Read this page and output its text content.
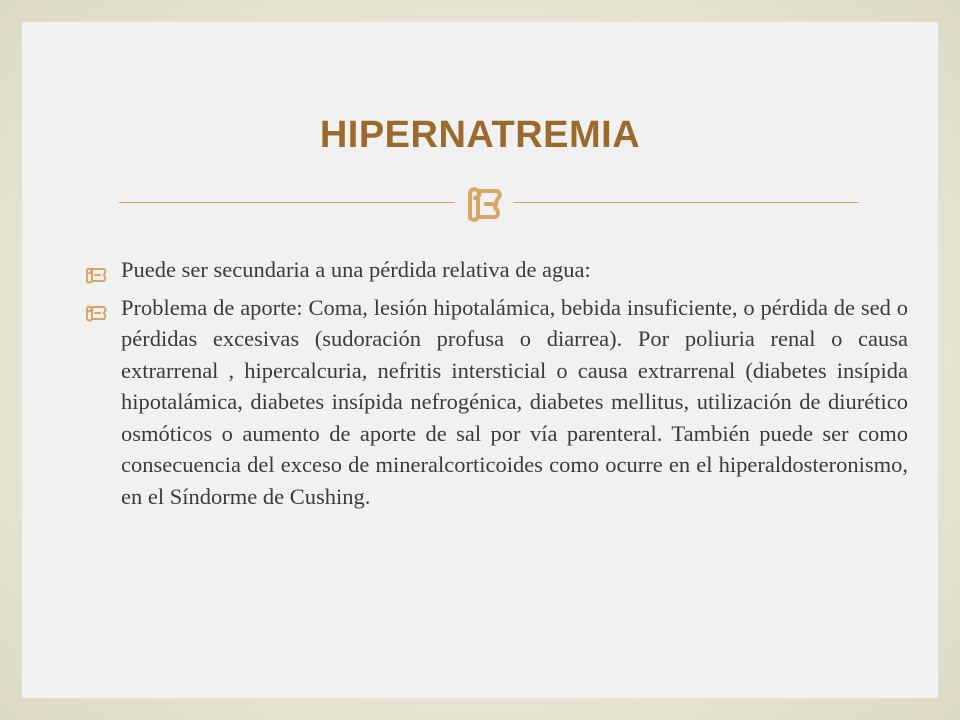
HIPERNATREMIA
Puede ser secundaria a una pérdida relativa de agua:
Problema de aporte: Coma, lesión hipotalámica, bebida insuficiente, o pérdida de sed o pérdidas excesivas (sudoración profusa o diarrea). Por poliuria renal o causa extrarrenal , hipercalcuria, nefritis intersticial o causa extrarrenal (diabetes insípida hipotalámica, diabetes insípida nefrogénica, diabetes mellitus, utilización de diurético osmóticos o aumento de aporte de sal por vía parenteral. También puede ser como consecuencia del exceso de mineralcorticoides como ocurre en el hiperaldosteronismo, en el Síndorme de Cushing.
